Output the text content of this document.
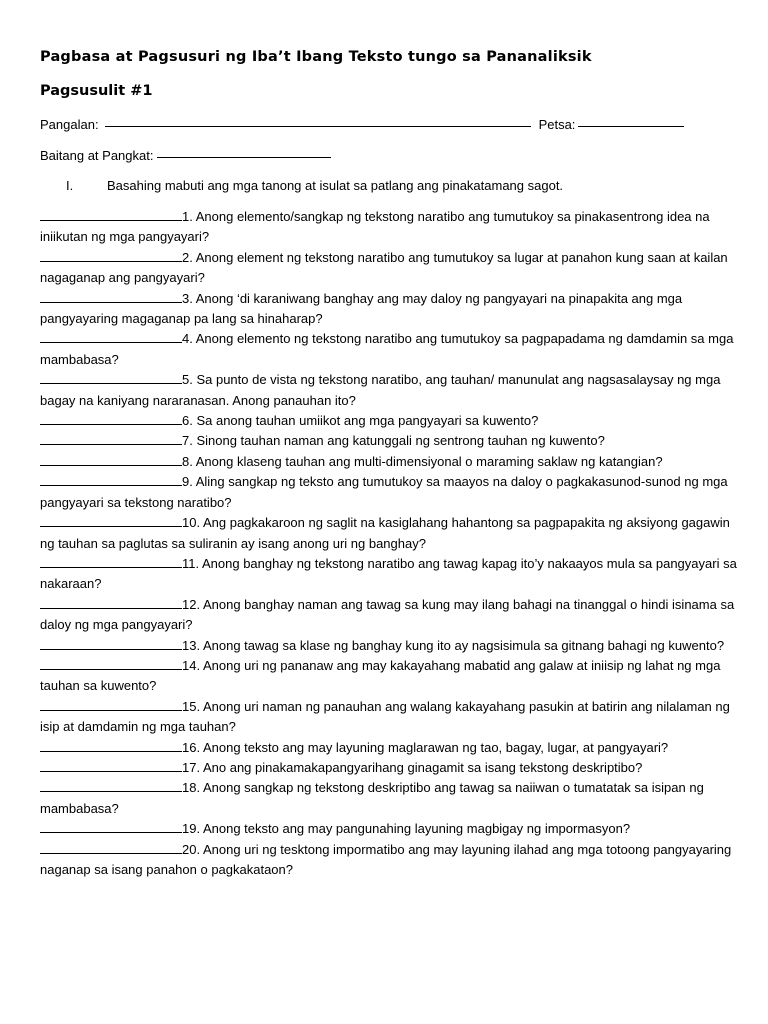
Pagbasa at Pagsusuri ng Iba’t Ibang Teksto tungo sa Pananaliksik
Pagsusulit #1
Pangalan:	Petsa:
Baitang at Pangkat:
I.	Basahing mabuti ang mga tanong at isulat sa patlang ang pinakatamang sagot.

1. Anong elemento/sangkap ng tekstong naratibo ang tumutukoy sa pinakasentrong idea na iniikutan ng mga pangyayari?

2. Anong element ng tekstong naratibo ang tumutukoy sa lugar at panahon kung saan at kailan nagaganap ang pangyayari?

3. Anong ‘di karaniwang banghay ang may daloy ng pangyayari na pinapakita ang mga pangyayaring magaganap pa lang sa hinaharap?

4. Anong elemento ng tekstong naratibo ang tumutukoy sa pagpapadama ng damdamin sa mga mambabasa?

5. Sa punto de vista ng tekstong naratibo, ang tauhan/ manunulat ang nagsasalaysay ng mga bagay na kaniyang nararanasan. Anong panauhan ito?

6. Sa anong tauhan umiikot ang mga pangyayari sa kuwento?

7. Sinong tauhan naman ang katunggali ng sentrong tauhan ng kuwento?

8. Anong klaseng tauhan ang multi-dimensiyonal o maraming saklaw ng katangian?

9. Aling sangkap ng teksto ang tumutukoy sa maayos na daloy o pagkakasunod-sunod ng mga pangyayari sa tekstong naratibo?

10. Ang pagkakaroon ng saglit na kasiglahang hahantong sa pagpapakita ng aksiyong gagawin ng tauhan sa paglutas sa suliranin ay isang anong uri ng banghay?

11. Anong banghay ng tekstong naratibo ang tawag kapag ito’y nakaayos mula sa pangyayari sa nakaraan?

12. Anong banghay naman ang tawag sa kung may ilang bahagi na tinanggal o hindi isinama sa daloy ng mga pangyayari?

13. Anong tawag sa klase ng banghay kung ito ay nagsisimula sa gitnang bahagi ng kuwento?

14. Anong uri ng pananaw ang may kakayahang mabatid ang galaw at iniisip ng lahat ng mga tauhan sa kuwento?

15. Anong uri naman ng panauhan ang walang kakayahang pasukin at batirin ang nilalaman ng isip at damdamin ng mga tauhan?

16. Anong teksto ang may layuning maglarawan ng tao, bagay, lugar, at pangyayari?

17. Ano ang pinakamakapangyarihang ginagamit sa isang tekstong deskriptibo?

18. Anong sangkap ng tekstong deskriptibo ang tawag sa naiiwan o tumatatak sa isipan ng mambabasa?

19. Anong teksto ang may pangunahing layuning magbigay ng impormasyon?

20. Anong uri ng tesktong impormatibo ang may layuning ilahad ang mga totoong pangyayaring naganap sa isang panahon o pagkakataon?
